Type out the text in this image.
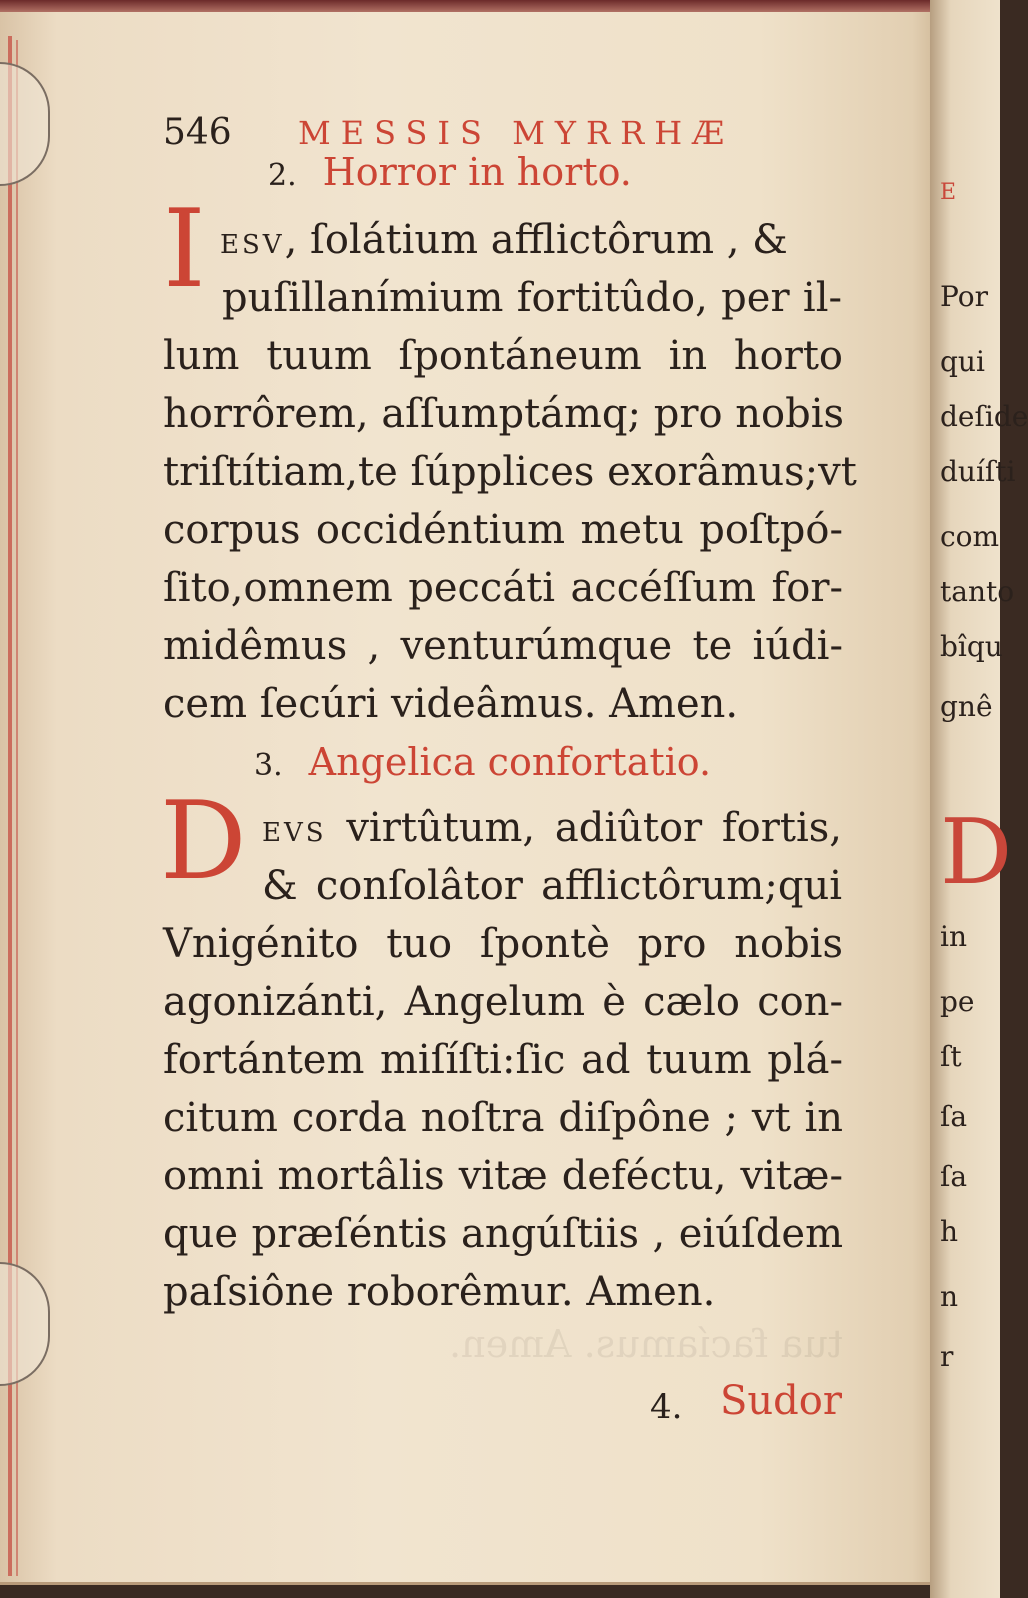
tua facíamus. Amen.
546 MESSIS MYRRHÆ
2. Horror in horto.
I ESV, ſolátium afflictôrum , &
puſillanímium fortitûdo, per il-
lum tuum ſpontáneum in horto
horrôrem, aſſumptámq; pro nobis
triſtítiam,te ſúpplices exorâmus;vt
corpus occidéntium metu poſtpó-
ſito,omnem peccáti accéſſum for-
midêmus , venturúmque te iúdi-
cem ſecúri videâmus. Amen.
3. Angelica confortatio.
D EVS virtûtum, adiûtor fortis,
& conſolâtor afflictôrum;qui
Vnigénito tuo ſpontè pro nobis
agonizánti, Angelum è cælo con-
fortántem miſíſti:ſic ad tuum plá-
citum corda noſtra diſpône ; vt in
omni mortâlis vitæ deféctu, vitæ-
que præſéntis angúſtiis , eiúſdem
paſsiône roborêmur. Amen.
4. Sudor
E
Por
qui
deſide
duíſti
com
tanto
bîqu
gnê
D
in
pe
ſt
ſa
ſa
h
n
r
